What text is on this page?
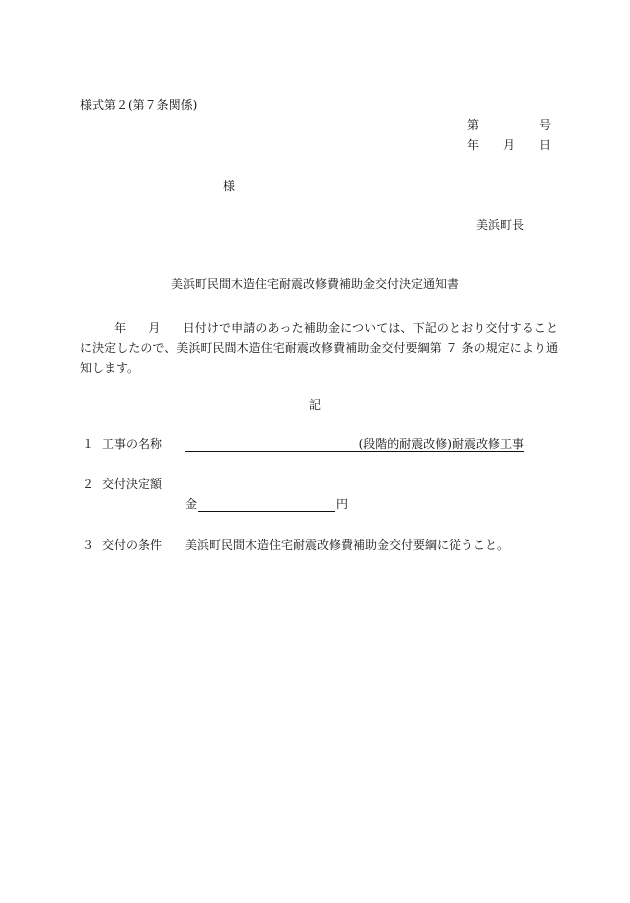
様式第２(第７条関係)
第	号
年 月 日
様
美浜町長
美浜町民間木造住宅耐震改修費補助金交付決定通知書
年 月 日付けで申請のあった補助金については、下記のとおり交付することに決定したので、美浜町民間木造住宅耐震改修費補助金交付要綱第 ７ 条の規定により通知します。
記
１ 工事の名称	(段階的耐震改修)耐震改修工事
２ 交付決定額
金	円
３ 交付の条件 美浜町民間木造住宅耐震改修費補助金交付要綱に従うこと。
